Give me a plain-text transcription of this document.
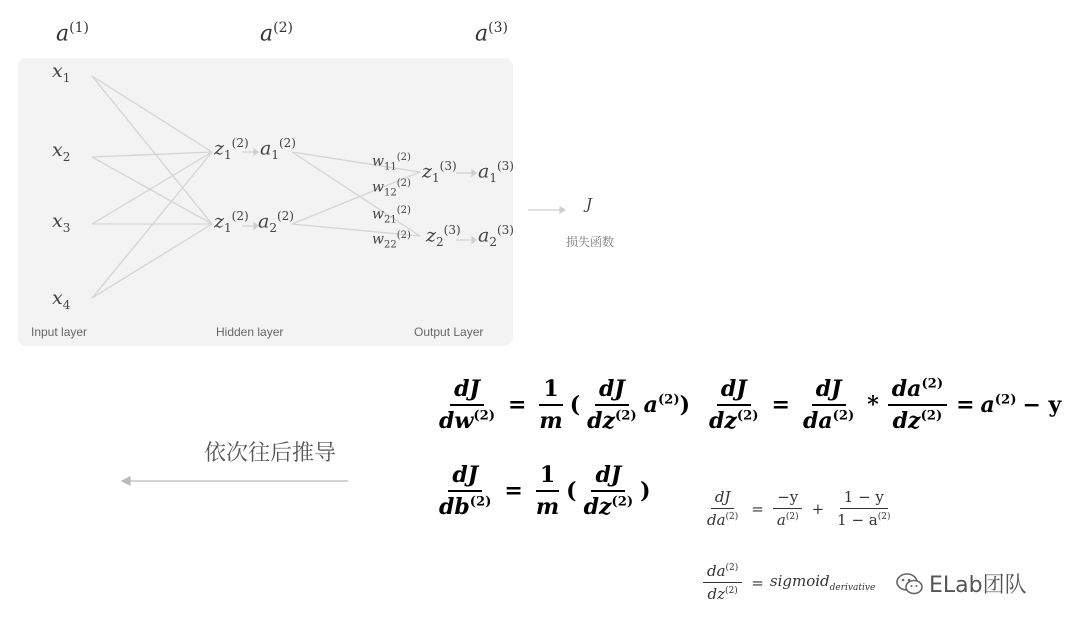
$a^{(1)}$	$a^{(2)}$	$a^{(3)}$
$x_1$
$x_2$
$x_3$
$x_4$
$z_1^{(2)}$ $a_1^{(2)}$
$z_1^{(2)}$ $a_2^{(2)}$
$w_{11}^{(2)}$
$w_{12}^{(2)}$
$w_{21}^{(2)}$
$w_{22}^{(2)}$
$z_1^{(3)}$ $a_1^{(3)}$
$z_2^{(3)}$ $a_2^{(3)}$
J
损失函数
Input layer	Hidden layer	Output Layer
依次往后推导
$\frac{dJ}{dw^{(2)}} = \frac{1}{m}$ ( $\frac{dJ}{dz^{(2)}} a^{(2)}$)
$\frac{dJ}{db^{(2)}} = \frac{1}{m}$ ( $\frac{dJ}{dz^{(2)}}$ )
$\frac{dJ}{dz^{(2)}} = \frac{dJ}{da^{(2)}} * \frac{da^{(2)}}{dz^{(2)}} = a^{(2)} - y$
$\frac{dJ}{da^{(2)}} = \frac{-y}{a^{(2)}} + \frac{1 - y}{1 - a^{(2)}}$
$\frac{da^{(2)}}{dz^{(2)}}$ = sigmoid$_{derivative}$ ELab团队
